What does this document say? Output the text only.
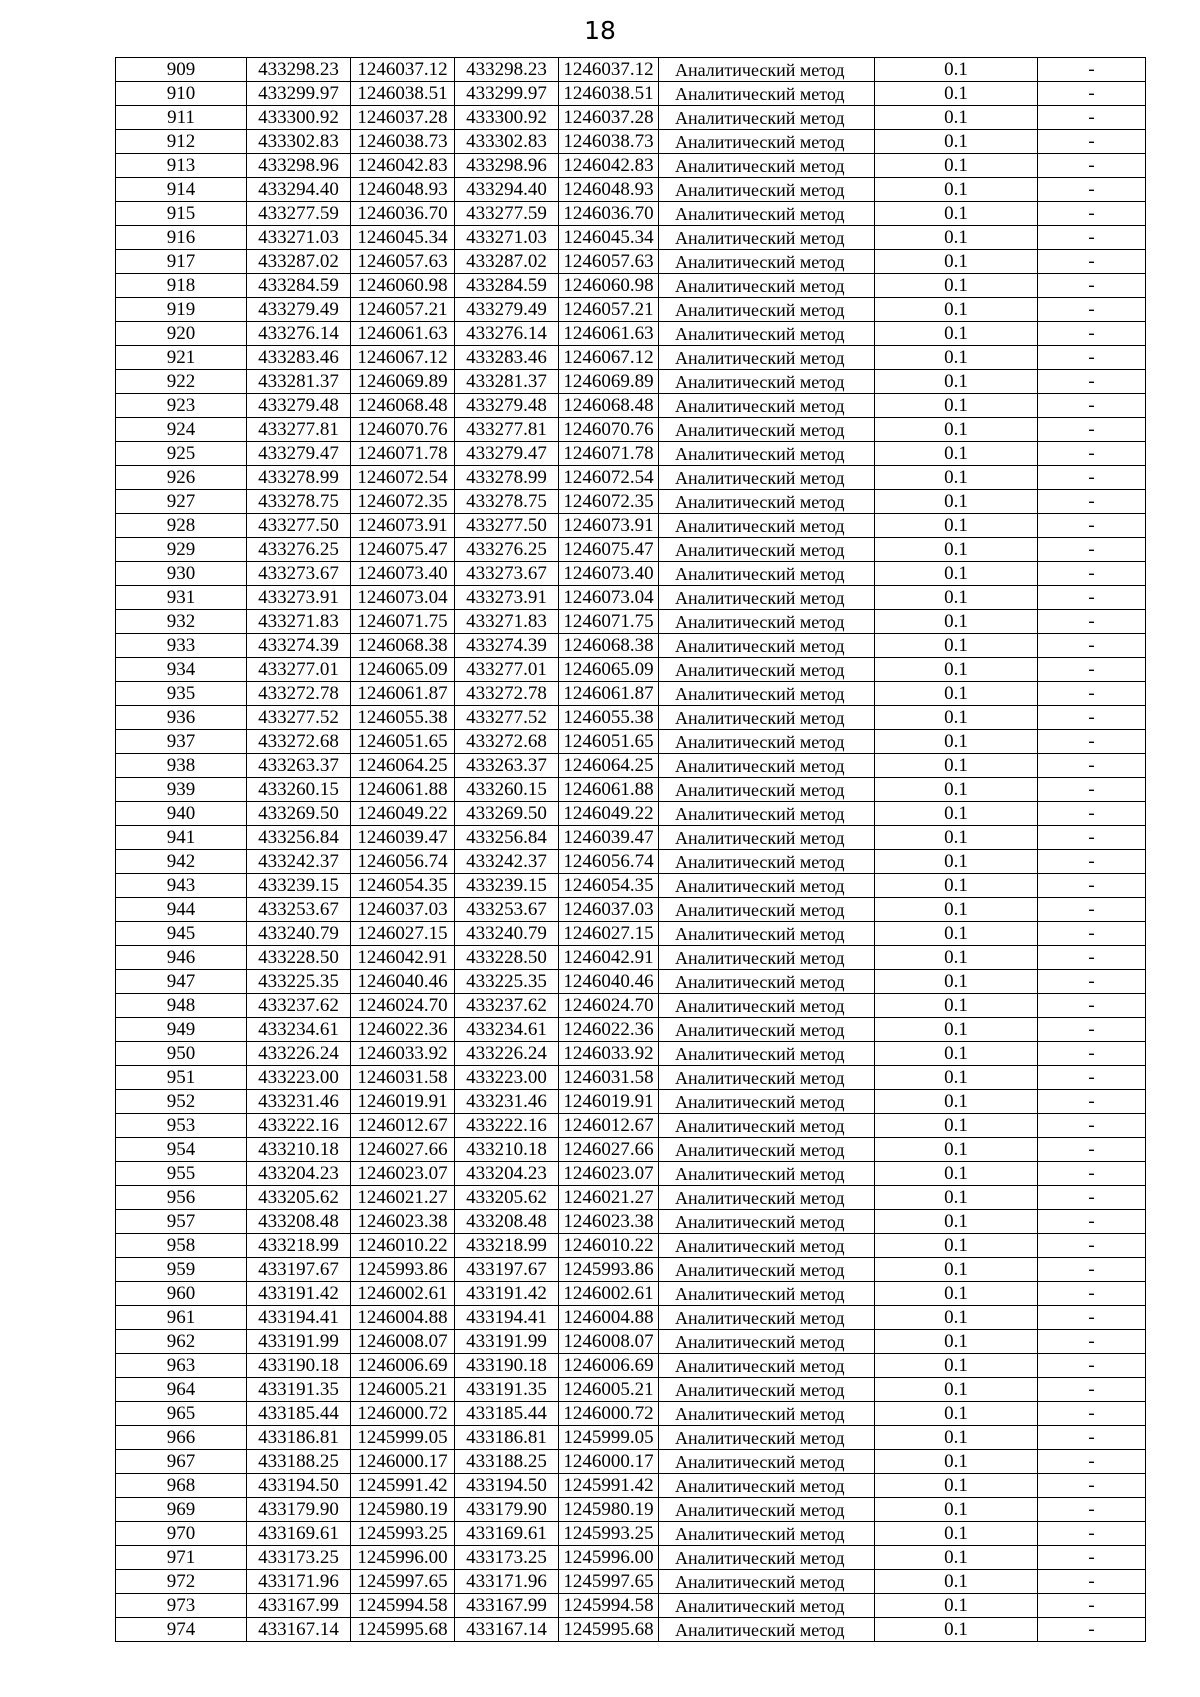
18
909	433298.23	1246037.12	433298.23	1246037.12	Аналитический метод	0.1	-
910	433299.97	1246038.51	433299.97	1246038.51	Аналитический метод	0.1	-
911	433300.92	1246037.28	433300.92	1246037.28	Аналитический метод	0.1	-
912	433302.83	1246038.73	433302.83	1246038.73	Аналитический метод	0.1	-
913	433298.96	1246042.83	433298.96	1246042.83	Аналитический метод	0.1	-
914	433294.40	1246048.93	433294.40	1246048.93	Аналитический метод	0.1	-
915	433277.59	1246036.70	433277.59	1246036.70	Аналитический метод	0.1	-
916	433271.03	1246045.34	433271.03	1246045.34	Аналитический метод	0.1	-
917	433287.02	1246057.63	433287.02	1246057.63	Аналитический метод	0.1	-
918	433284.59	1246060.98	433284.59	1246060.98	Аналитический метод	0.1	-
919	433279.49	1246057.21	433279.49	1246057.21	Аналитический метод	0.1	-
920	433276.14	1246061.63	433276.14	1246061.63	Аналитический метод	0.1	-
921	433283.46	1246067.12	433283.46	1246067.12	Аналитический метод	0.1	-
922	433281.37	1246069.89	433281.37	1246069.89	Аналитический метод	0.1	-
923	433279.48	1246068.48	433279.48	1246068.48	Аналитический метод	0.1	-
924	433277.81	1246070.76	433277.81	1246070.76	Аналитический метод	0.1	-
925	433279.47	1246071.78	433279.47	1246071.78	Аналитический метод	0.1	-
926	433278.99	1246072.54	433278.99	1246072.54	Аналитический метод	0.1	-
927	433278.75	1246072.35	433278.75	1246072.35	Аналитический метод	0.1	-
928	433277.50	1246073.91	433277.50	1246073.91	Аналитический метод	0.1	-
929	433276.25	1246075.47	433276.25	1246075.47	Аналитический метод	0.1	-
930	433273.67	1246073.40	433273.67	1246073.40	Аналитический метод	0.1	-
931	433273.91	1246073.04	433273.91	1246073.04	Аналитический метод	0.1	-
932	433271.83	1246071.75	433271.83	1246071.75	Аналитический метод	0.1	-
933	433274.39	1246068.38	433274.39	1246068.38	Аналитический метод	0.1	-
934	433277.01	1246065.09	433277.01	1246065.09	Аналитический метод	0.1	-
935	433272.78	1246061.87	433272.78	1246061.87	Аналитический метод	0.1	-
936	433277.52	1246055.38	433277.52	1246055.38	Аналитический метод	0.1	-
937	433272.68	1246051.65	433272.68	1246051.65	Аналитический метод	0.1	-
938	433263.37	1246064.25	433263.37	1246064.25	Аналитический метод	0.1	-
939	433260.15	1246061.88	433260.15	1246061.88	Аналитический метод	0.1	-
940	433269.50	1246049.22	433269.50	1246049.22	Аналитический метод	0.1	-
941	433256.84	1246039.47	433256.84	1246039.47	Аналитический метод	0.1	-
942	433242.37	1246056.74	433242.37	1246056.74	Аналитический метод	0.1	-
943	433239.15	1246054.35	433239.15	1246054.35	Аналитический метод	0.1	-
944	433253.67	1246037.03	433253.67	1246037.03	Аналитический метод	0.1	-
945	433240.79	1246027.15	433240.79	1246027.15	Аналитический метод	0.1	-
946	433228.50	1246042.91	433228.50	1246042.91	Аналитический метод	0.1	-
947	433225.35	1246040.46	433225.35	1246040.46	Аналитический метод	0.1	-
948	433237.62	1246024.70	433237.62	1246024.70	Аналитический метод	0.1	-
949	433234.61	1246022.36	433234.61	1246022.36	Аналитический метод	0.1	-
950	433226.24	1246033.92	433226.24	1246033.92	Аналитический метод	0.1	-
951	433223.00	1246031.58	433223.00	1246031.58	Аналитический метод	0.1	-
952	433231.46	1246019.91	433231.46	1246019.91	Аналитический метод	0.1	-
953	433222.16	1246012.67	433222.16	1246012.67	Аналитический метод	0.1	-
954	433210.18	1246027.66	433210.18	1246027.66	Аналитический метод	0.1	-
955	433204.23	1246023.07	433204.23	1246023.07	Аналитический метод	0.1	-
956	433205.62	1246021.27	433205.62	1246021.27	Аналитический метод	0.1	-
957	433208.48	1246023.38	433208.48	1246023.38	Аналитический метод	0.1	-
958	433218.99	1246010.22	433218.99	1246010.22	Аналитический метод	0.1	-
959	433197.67	1245993.86	433197.67	1245993.86	Аналитический метод	0.1	-
960	433191.42	1246002.61	433191.42	1246002.61	Аналитический метод	0.1	-
961	433194.41	1246004.88	433194.41	1246004.88	Аналитический метод	0.1	-
962	433191.99	1246008.07	433191.99	1246008.07	Аналитический метод	0.1	-
963	433190.18	1246006.69	433190.18	1246006.69	Аналитический метод	0.1	-
964	433191.35	1246005.21	433191.35	1246005.21	Аналитический метод	0.1	-
965	433185.44	1246000.72	433185.44	1246000.72	Аналитический метод	0.1	-
966	433186.81	1245999.05	433186.81	1245999.05	Аналитический метод	0.1	-
967	433188.25	1246000.17	433188.25	1246000.17	Аналитический метод	0.1	-
968	433194.50	1245991.42	433194.50	1245991.42	Аналитический метод	0.1	-
969	433179.90	1245980.19	433179.90	1245980.19	Аналитический метод	0.1	-
970	433169.61	1245993.25	433169.61	1245993.25	Аналитический метод	0.1	-
971	433173.25	1245996.00	433173.25	1245996.00	Аналитический метод	0.1	-
972	433171.96	1245997.65	433171.96	1245997.65	Аналитический метод	0.1	-
973	433167.99	1245994.58	433167.99	1245994.58	Аналитический метод	0.1	-
974	433167.14	1245995.68	433167.14	1245995.68	Аналитический метод	0.1	-
